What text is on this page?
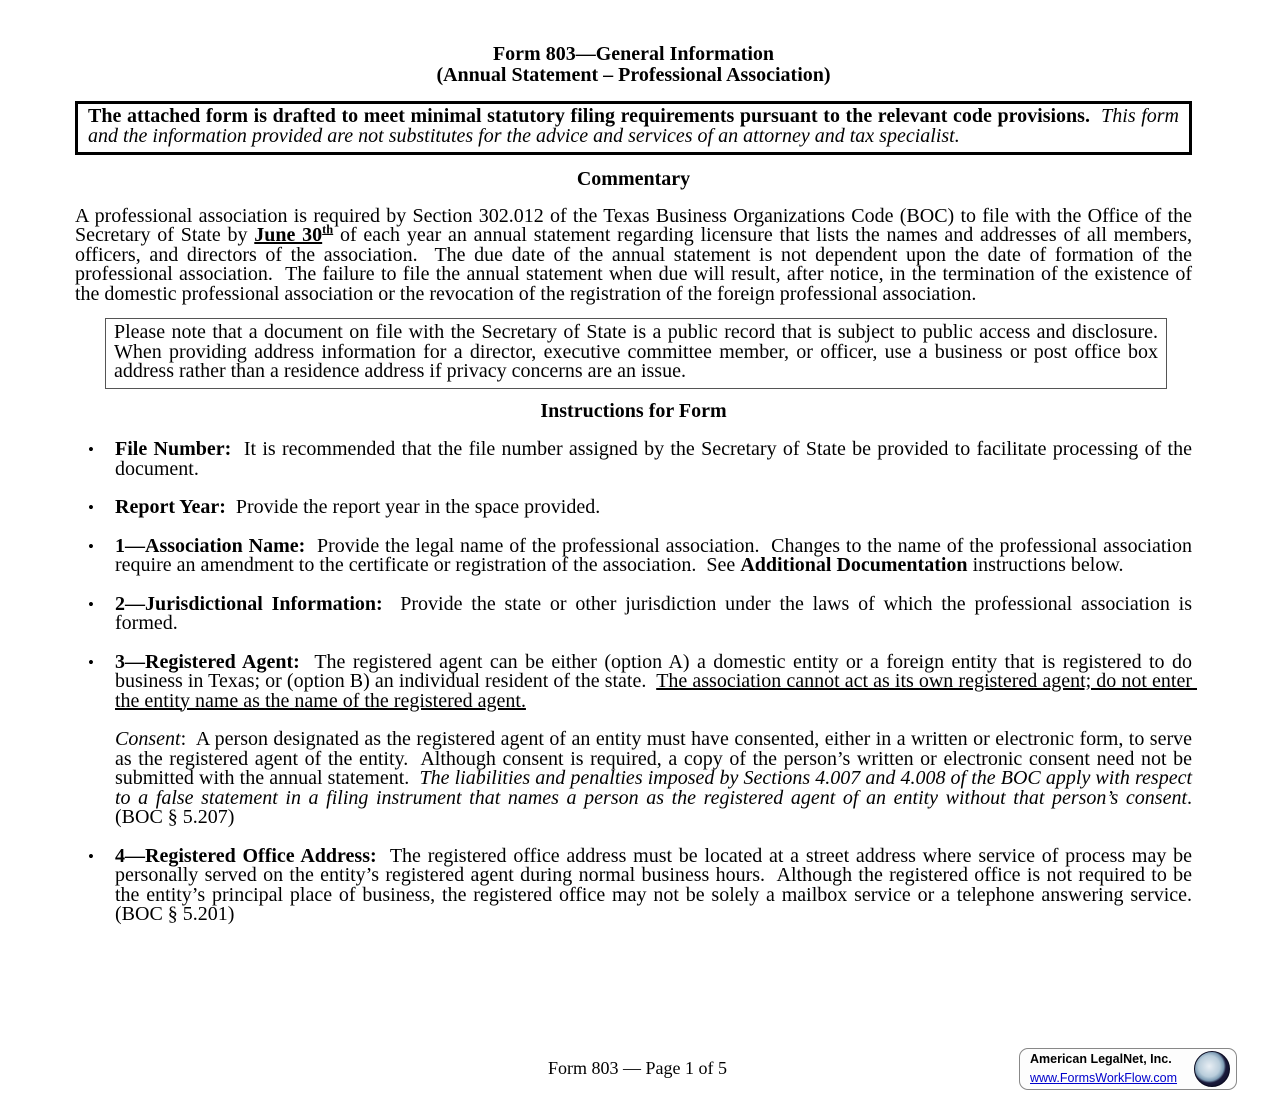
Form 803—General Information
(Annual Statement – Professional Association)
The attached form is drafted to meet minimal statutory filing requirements pursuant to the relevant code provisions. This form and the information provided are not substitutes for the advice and services of an attorney and tax specialist.
Commentary
A professional association is required by Section 302.012 of the Texas Business Organizations Code (BOC) to file with the Office of the Secretary of State by June 30th of each year an annual statement regarding licensure that lists the names and addresses of all members, officers, and directors of the association.  The due date of the annual statement is not dependent upon the date of formation of the professional association.  The failure to file the annual statement when due will result, after notice, in the termination of the existence of the domestic professional association or the revocation of the registration of the foreign professional association.
Please note that a document on file with the Secretary of State is a public record that is subject to public access and disclosure.  When providing address information for a director, executive committee member, or officer, use a business or post office box address rather than a residence address if privacy concerns are an issue.
Instructions for Form
•	File Number:  It is recommended that the file number assigned by the Secretary of State be provided to facilitate processing of the document.
•	Report Year:  Provide the report year in the space provided.
•	1—Association Name:  Provide the legal name of the professional association.  Changes to the name of the professional association require an amendment to the certificate or registration of the association.  See Additional Documentation instructions below.
•	2—Jurisdictional Information:  Provide the state or other jurisdiction under the laws of which the professional association is formed.
•	3—Registered Agent:  The registered agent can be either (option A) a domestic entity or a foreign entity that is registered to do business in Texas; or (option B) an individual resident of the state.  The association cannot act as its own registered agent; do not enter the entity name as the name of the registered agent.
Consent:  A person designated as the registered agent of an entity must have consented, either in a written or electronic form, to serve as the registered agent of the entity.  Although consent is required, a copy of the person’s written or electronic consent need not be submitted with the annual statement.  The liabilities and penalties imposed by Sections 4.007 and 4.008 of the BOC apply with respect to a false statement in a filing instrument that names a person as the registered agent of an entity without that person’s consent.  (BOC § 5.207)
•	4—Registered Office Address:  The registered office address must be located at a street address where service of process may be personally served on the entity’s registered agent during normal business hours.  Although the registered office is not required to be the entity’s principal place of business, the registered office may not be solely a mailbox service or a telephone answering service.  (BOC § 5.201)
Form 803 — Page 1 of 5	American LegalNet, Inc.
www.FormsWorkFlow.com
